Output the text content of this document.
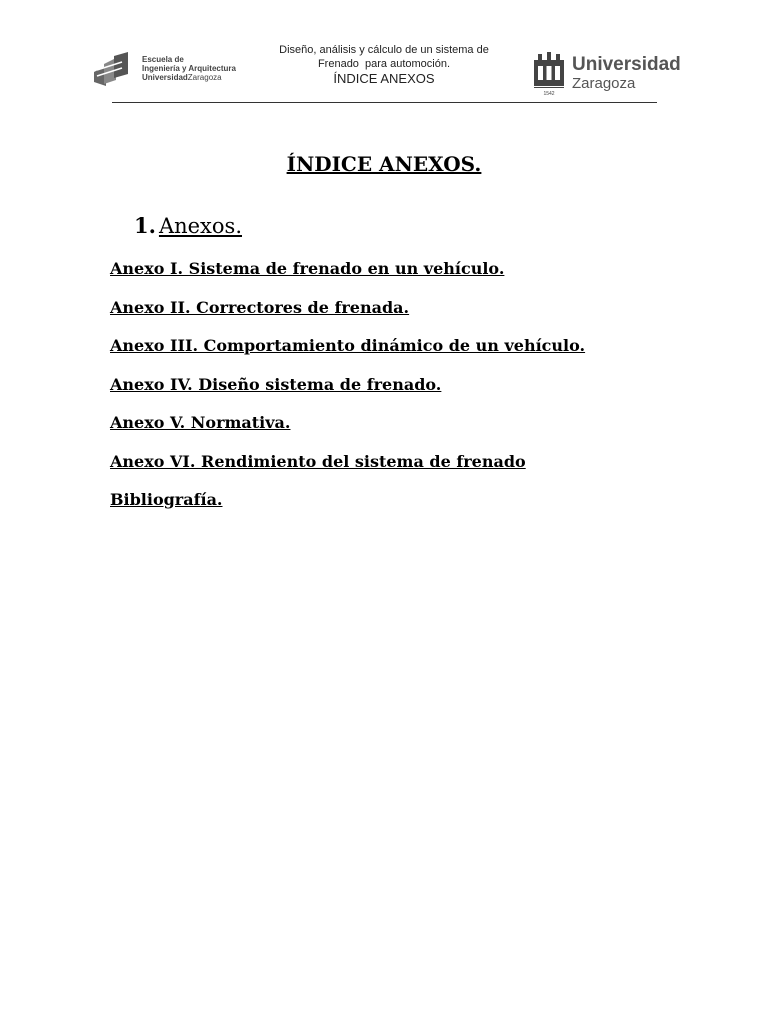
Escuela de
Ingeniería y Arquitectura
UniversidadZaragoza
Diseño, análisis y cálculo de un sistema de
Frenado  para automoción.
ÍNDICE ANEXOS
1542
Universidad
Zaragoza
ÍNDICE ANEXOS.
1. Anexos.
Anexo I. Sistema de frenado en un vehículo.
Anexo II. Correctores de frenada.
Anexo III. Comportamiento dinámico de un vehículo.
Anexo IV. Diseño sistema de frenado.
Anexo V. Normativa.
Anexo VI. Rendimiento del sistema de frenado
Bibliografía.
